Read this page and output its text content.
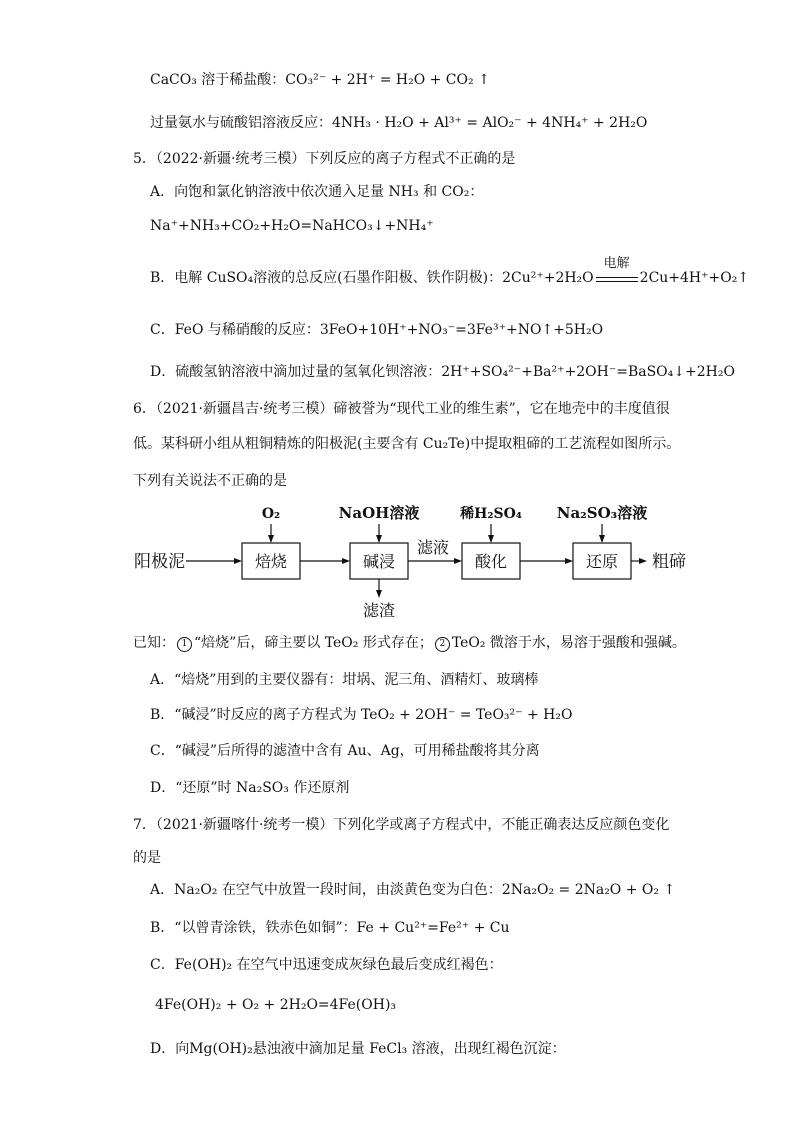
CaCO₃ 溶于稀盐酸：CO₃²⁻ + 2H⁺ = H₂O + CO₂ ↑
过量氨水与硫酸铝溶液反应：4NH₃ · H₂O + Al³⁺ = AlO₂⁻ + 4NH₄⁺ + 2H₂O
5．（2022·新疆·统考三模）下列反应的离子方程式不正确的是
A．向饱和氯化钠溶液中依次通入足量 NH₃ 和 CO₂：
Na⁺+NH₃+CO₂+H₂O=NaHCO₃↓+NH₄⁺
B．电解 CuSO₄溶液的总反应(石墨作阳极、铁作阴极)：2Cu²⁺+2H₂O
电解
2Cu+4H⁺+O₂↑
C．FeO 与稀硝酸的反应：3FeO+10H⁺+NO₃⁻=3Fe³⁺+NO↑+5H₂O
D．硫酸氢钠溶液中滴加过量的氢氧化钡溶液：2H⁺+SO₄²⁻+Ba²⁺+2OH⁻=BaSO₄↓+2H₂O
6．（2021·新疆昌吉·统考三模）碲被誉为“现代工业的维生素”，它在地壳中的丰度值很
低。某科研小组从粗铜精炼的阳极泥(主要含有 Cu₂Te)中提取粗碲的工艺流程如图所示。
下列有关说法不正确的是
阳极泥	焙烧
O₂
碱浸
NaOH溶液
滤渣
滤液
酸化
稀H₂SO₄
还原
Na₂SO₃溶液
粗碲
已知： 1 “焙烧”后，碲主要以 TeO₂ 形式存在； 2 TeO₂ 微溶于水，易溶于强酸和强碱。
A．“焙烧”用到的主要仪器有：坩埚、泥三角、酒精灯、玻璃棒
B．“碱浸”时反应的离子方程式为 TeO₂ + 2OH⁻ = TeO₃²⁻ + H₂O
C．“碱浸”后所得的滤渣中含有 Au、Ag，可用稀盐酸将其分离
D．“还原”时 Na₂SO₃ 作还原剂
7．（2021·新疆喀什·统考一模）下列化学或离子方程式中，不能正确表达反应颜色变化
的是
A．Na₂O₂ 在空气中放置一段时间，由淡黄色变为白色：2Na₂O₂ = 2Na₂O + O₂ ↑
B．“以曾青涂铁，铁赤色如铜”：Fe + Cu²⁺=Fe²⁺ + Cu
C．Fe(OH)₂ 在空气中迅速变成灰绿色最后变成红褐色：
4Fe(OH)₂ + O₂ + 2H₂O=4Fe(OH)₃
D．向Mg(OH)₂悬浊液中滴加足量 FeCl₃ 溶液，出现红褐色沉淀：
